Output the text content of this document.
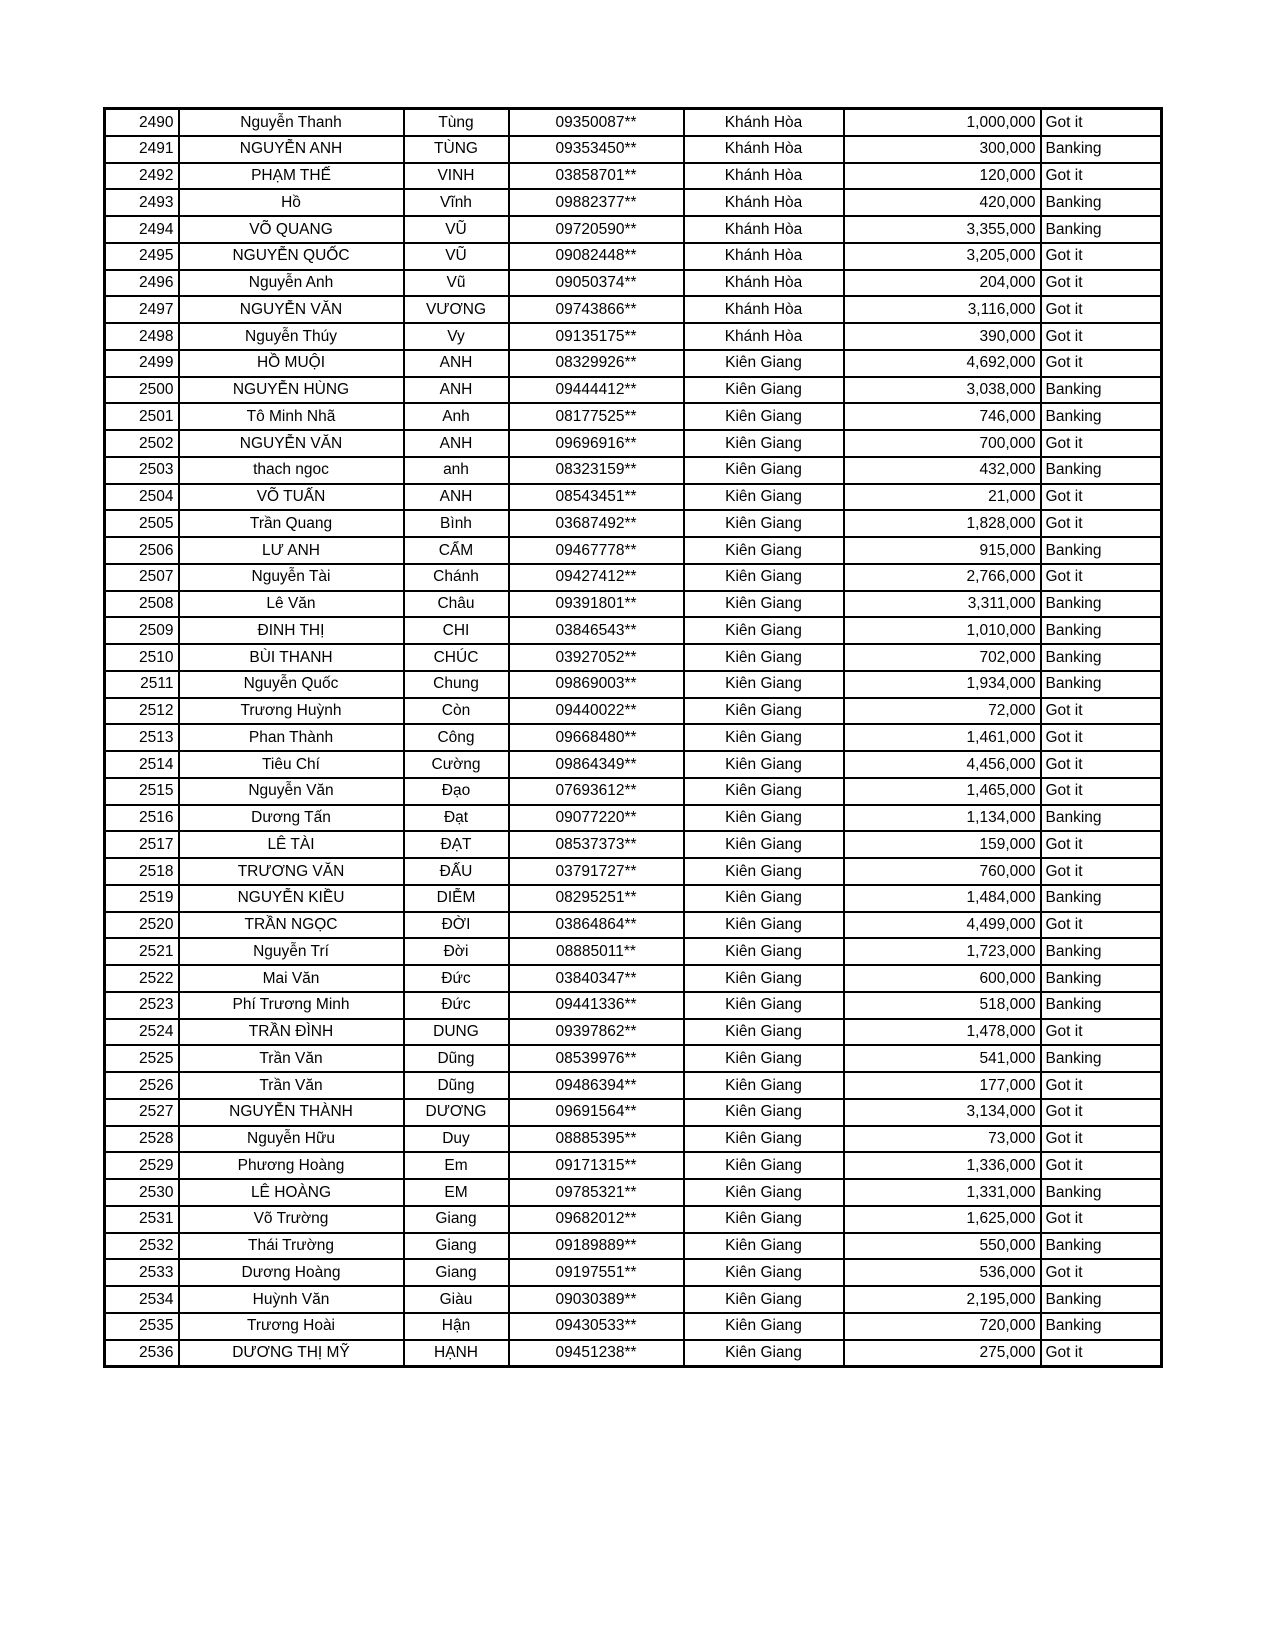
2490	Nguyễn Thanh	Tùng	09350087**	Khánh Hòa	1,000,000	Got it
2491	NGUYỄN ANH	TÙNG	09353450**	Khánh Hòa	300,000	Banking
2492	PHẠM THẾ	VINH	03858701**	Khánh Hòa	120,000	Got it
2493	Hồ	Vĩnh	09882377**	Khánh Hòa	420,000	Banking
2494	VÕ QUANG	VŨ	09720590**	Khánh Hòa	3,355,000	Banking
2495	NGUYỄN QUỐC	VŨ	09082448**	Khánh Hòa	3,205,000	Got it
2496	Nguyễn Anh	Vũ	09050374**	Khánh Hòa	204,000	Got it
2497	NGUYỄN VĂN	VƯƠNG	09743866**	Khánh Hòa	3,116,000	Got it
2498	Nguyễn Thúy	Vy	09135175**	Khánh Hòa	390,000	Got it
2499	HỒ MUỘI	ANH	08329926**	Kiên Giang	4,692,000	Got it
2500	NGUYỄN HÙNG	ANH	09444412**	Kiên Giang	3,038,000	Banking
2501	Tô Minh Nhã	Anh	08177525**	Kiên Giang	746,000	Banking
2502	NGUYỄN VĂN	ANH	09696916**	Kiên Giang	700,000	Got it
2503	thach ngoc	anh	08323159**	Kiên Giang	432,000	Banking
2504	VÕ TUẤN	ANH	08543451**	Kiên Giang	21,000	Got it
2505	Trần Quang	Bình	03687492**	Kiên Giang	1,828,000	Got it
2506	LƯ ANH	CẨM	09467778**	Kiên Giang	915,000	Banking
2507	Nguyễn Tài	Chánh	09427412**	Kiên Giang	2,766,000	Got it
2508	Lê Văn	Châu	09391801**	Kiên Giang	3,311,000	Banking
2509	ĐINH THỊ	CHI	03846543**	Kiên Giang	1,010,000	Banking
2510	BÙI THANH	CHÚC	03927052**	Kiên Giang	702,000	Banking
2511	Nguyễn Quốc	Chung	09869003**	Kiên Giang	1,934,000	Banking
2512	Trương Huỳnh	Còn	09440022**	Kiên Giang	72,000	Got it
2513	Phan Thành	Công	09668480**	Kiên Giang	1,461,000	Got it
2514	Tiêu Chí	Cường	09864349**	Kiên Giang	4,456,000	Got it
2515	Nguyễn Văn	Đạo	07693612**	Kiên Giang	1,465,000	Got it
2516	Dương Tấn	Đạt	09077220**	Kiên Giang	1,134,000	Banking
2517	LÊ TÀI	ĐẠT	08537373**	Kiên Giang	159,000	Got it
2518	TRƯƠNG VĂN	ĐẤU	03791727**	Kiên Giang	760,000	Got it
2519	NGUYỄN KIỀU	DIỄM	08295251**	Kiên Giang	1,484,000	Banking
2520	TRẦN NGỌC	ĐỜI	03864864**	Kiên Giang	4,499,000	Got it
2521	Nguyễn Trí	Đời	08885011**	Kiên Giang	1,723,000	Banking
2522	Mai Văn	Đức	03840347**	Kiên Giang	600,000	Banking
2523	Phí Trương Minh	Đức	09441336**	Kiên Giang	518,000	Banking
2524	TRẦN ĐÌNH	DUNG	09397862**	Kiên Giang	1,478,000	Got it
2525	Trần Văn	Dũng	08539976**	Kiên Giang	541,000	Banking
2526	Trần Văn	Dũng	09486394**	Kiên Giang	177,000	Got it
2527	NGUYỄN THÀNH	DƯƠNG	09691564**	Kiên Giang	3,134,000	Got it
2528	Nguyễn Hữu	Duy	08885395**	Kiên Giang	73,000	Got it
2529	Phương Hoàng	Em	09171315**	Kiên Giang	1,336,000	Got it
2530	LÊ HOÀNG	EM	09785321**	Kiên Giang	1,331,000	Banking
2531	Võ Trường	Giang	09682012**	Kiên Giang	1,625,000	Got it
2532	Thái Trường	Giang	09189889**	Kiên Giang	550,000	Banking
2533	Dương Hoàng	Giang	09197551**	Kiên Giang	536,000	Got it
2534	Huỳnh Văn	Giàu	09030389**	Kiên Giang	2,195,000	Banking
2535	Trương Hoài	Hận	09430533**	Kiên Giang	720,000	Banking
2536	DƯƠNG THỊ MỸ	HẠNH	09451238**	Kiên Giang	275,000	Got it
